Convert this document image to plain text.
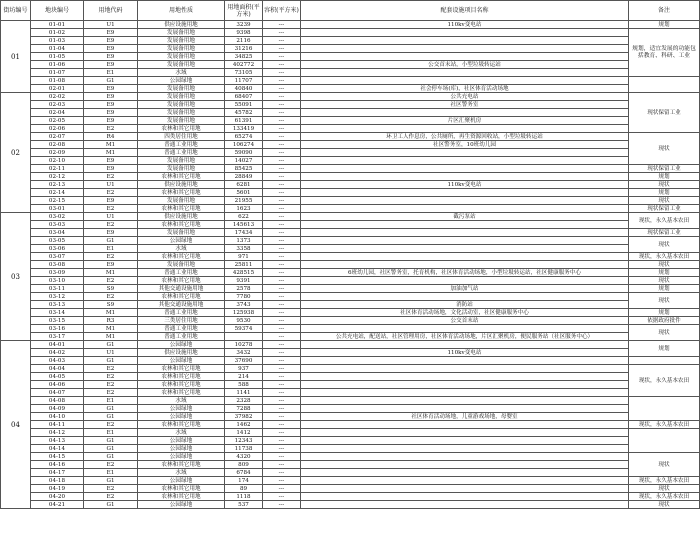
街坊编号	地块编号	用地代码	用地性质	用地面积(平方米)	容积(平方米)	配套设施项目名称	备注
01	01-01	U1	供应设施用地	3239	---	110kv变电站	规划
	01-02	E9	发展备用地	9398	---		规划，适宜发展的功能包括教育、科研、工业
	01-03	E9	发展备用地	2116	---		
	01-04	E9	发展备用地	31216	---		
	01-05	E9	发展备用地	34825	---		
	01-06	E9	发展备用地	402772	---	公交首末站，小型垃圾转运站	
	01-07	E1	水域	73105	---		
	01-08	G1	公园绿地	11707	---		
	02-01	E9	发展备用地	40840	---	社会停车场(库)，社区体育活动场地	
02	02-02	E9	发展备用地	68407	---	公共充电站	现状保留工业
	02-03	E9	发展备用地	55091	---	社区警务室	
	02-04	E9	发展备用地	45782	---		
	02-05	E9	发展备用地	61391	---	片区汇聚机房	
	02-06	E2	农林和其它用地	133419	---		
	02-07	R4	四类居住用地	65274	---	环卫工人作息房，公共厕所，再生资源回收站，小型垃圾转运站	现状
	02-08	M1	普通工业用地	106274	---	社区警务室，10班幼儿园	
	02-09	M1	普通工业用地	59090	---		
	02-10	E9	发展备用地	14027	---		
	02-11	E9	发展备用地	85425	---		现状保留工业
	02-12	E2	农林和其它用地	28849	---		规划
	02-13	U1	供应设施用地	6281	---	110kv变电站	现状
	02-14	E2	农林和其它用地	5601	---		规划
	02-15	E9	发展备用地	21955	---		现状
	03-01	E2	农林和其它用地	1623	---		现状保留工业
03	03-02	U1	供应设施用地	622	---	截污泵站	现状，永久基本农田
	03-03	E2	农林和其它用地	145613	---		
	03-04	E9	发展备用地	17434	---		现状保留工业
	03-05	G1	公园绿地	1373	---		现状
	03-06	E1	水域	3358	---		
	03-07	E2	农林和其它用地	971	---		现状，永久基本农田
	03-08	E9	发展备用地	25811	---		现状
	03-09	M1	普通工业用地	428515	---	6班幼儿园，社区警务室，托育机构，社区体育活动场地，小型垃圾转运站，社区健康服务中心	规划
	03-10	E2	农林和其它用地	9391	---		现状
	03-11	S9	其他交通设施用地	2578	---	加油加气站	规划
	03-12	E2	农林和其它用地	7780	---		现状
	03-13	S9	其他交通设施用地	3743	---	消防站	
	03-14	M1	普通工业用地	125938	---	社区体育活动场地，文化活动室，社区健康服务中心	规划
	03-15	R3	三类居住用地	9530	---	公交首末站	依据政府批件
	03-16	M1	普通工业用地	59374	---		现状
	03-17	M1	普通工业用地		---	公共充电站，配送站，社区管理用房，社区体育活动场地，片区汇聚机房，便民服务站（社区服务中心）	
04	04-01	G1	公园绿地	10278	---		规划
	04-02	U1	供应设施用地	3432	---	110kv变电站	
	04-03	G1	公园绿地	37690	---		
	04-04	E2	农林和其它用地	937	---		现状，永久基本农田
	04-05	E2	农林和其它用地	214	---		
	04-06	E2	农林和其它用地	588	---		
	04-07	E2	农林和其它用地	1141	---		
	04-08	E1	水域	2328	---		
	04-09	G1	公园绿地	7288	---		
	04-10	G1	公园绿地	37982	---	社区体育活动场地，儿童游戏场地，母婴室	
	04-11	E2	农林和其它用地	1462	---		现状，永久基本农田
	04-12	E1	水域	1412	---		
	04-13	G1	公园绿地	12343	---		
	04-14	G1	公园绿地	11738	---		
	04-15	G1	公园绿地	4320	---		现状
	04-16	E2	农林和其它用地	809	---		
	04-17	E1	水域	6784	---		
	04-18	G1	公园绿地	174	---		现状，永久基本农田
	04-19	E2	农林和其它用地	89	---		现状
	04-20	E2	农林和其它用地	1118	---		现状，永久基本农田
	04-21	G1	公园绿地	537	---		现状
